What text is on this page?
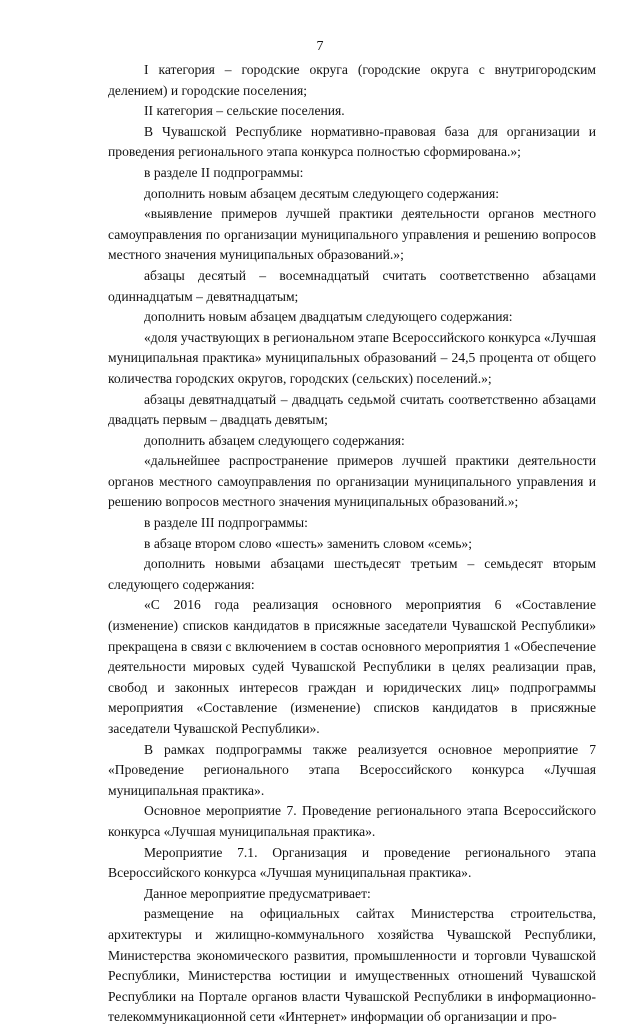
7

I категория – городские округа (городские округа с внутригородским делением) и городские поселения;

II категория – сельские поселения.

В Чувашской Республике нормативно-правовая база для организации и проведения регионального этапа конкурса полностью сформирована.»;

в разделе II подпрограммы:

дополнить новым абзацем десятым следующего содержания:

«выявление примеров лучшей практики деятельности органов местного самоуправления по организации муниципального управления и решению вопросов местного значения муниципальных образований.»;

абзацы десятый – восемнадцатый считать соответственно абзацами одиннадцатым – девятнадцатым;

дополнить новым абзацем двадцатым следующего содержания:

«доля участвующих в региональном этапе Всероссийского конкурса «Лучшая муниципальная практика» муниципальных образований – 24,5 процента от общего количества городских округов, городских (сельских) поселений.»;

абзацы девятнадцатый – двадцать седьмой считать соответственно абзацами двадцать первым – двадцать девятым;

дополнить абзацем следующего содержания:

«дальнейшее распространение примеров лучшей практики деятельности органов местного самоуправления по организации муниципального управления и решению вопросов местного значения муниципальных образований.»;

в разделе III подпрограммы:

в абзаце втором слово «шесть» заменить словом «семь»;

дополнить новыми абзацами шестьдесят третьим – семьдесят вторым следующего содержания:

«С 2016 года реализация основного мероприятия 6 «Составление (изменение) списков кандидатов в присяжные заседатели Чувашской Республики» прекращена в связи с включением в состав основного мероприятия 1 «Обеспечение деятельности мировых судей Чувашской Республики в целях реализации прав, свобод и законных интересов граждан и юридических лиц» подпрограммы мероприятия «Составление (изменение) списков кандидатов в присяжные заседатели Чувашской Республики».

В рамках подпрограммы также реализуется основное мероприятие 7 «Проведение регионального этапа Всероссийского конкурса «Лучшая муниципальная практика».

Основное мероприятие 7. Проведение регионального этапа Всероссийского конкурса «Лучшая муниципальная практика».

Мероприятие 7.1. Организация и проведение регионального этапа Всероссийского конкурса «Лучшая муниципальная практика».

Данное мероприятие предусматривает:

размещение на официальных сайтах Министерства строительства, архитектуры и жилищно-коммунального хозяйства Чувашской Республики, Министерства экономического развития, промышленности и торговли Чувашской Республики, Министерства юстиции и имущественных отношений Чувашской Республики на Портале органов власти Чувашской Республики в информационно-телекоммуникационной сети «Интернет» информации об организации и про-
